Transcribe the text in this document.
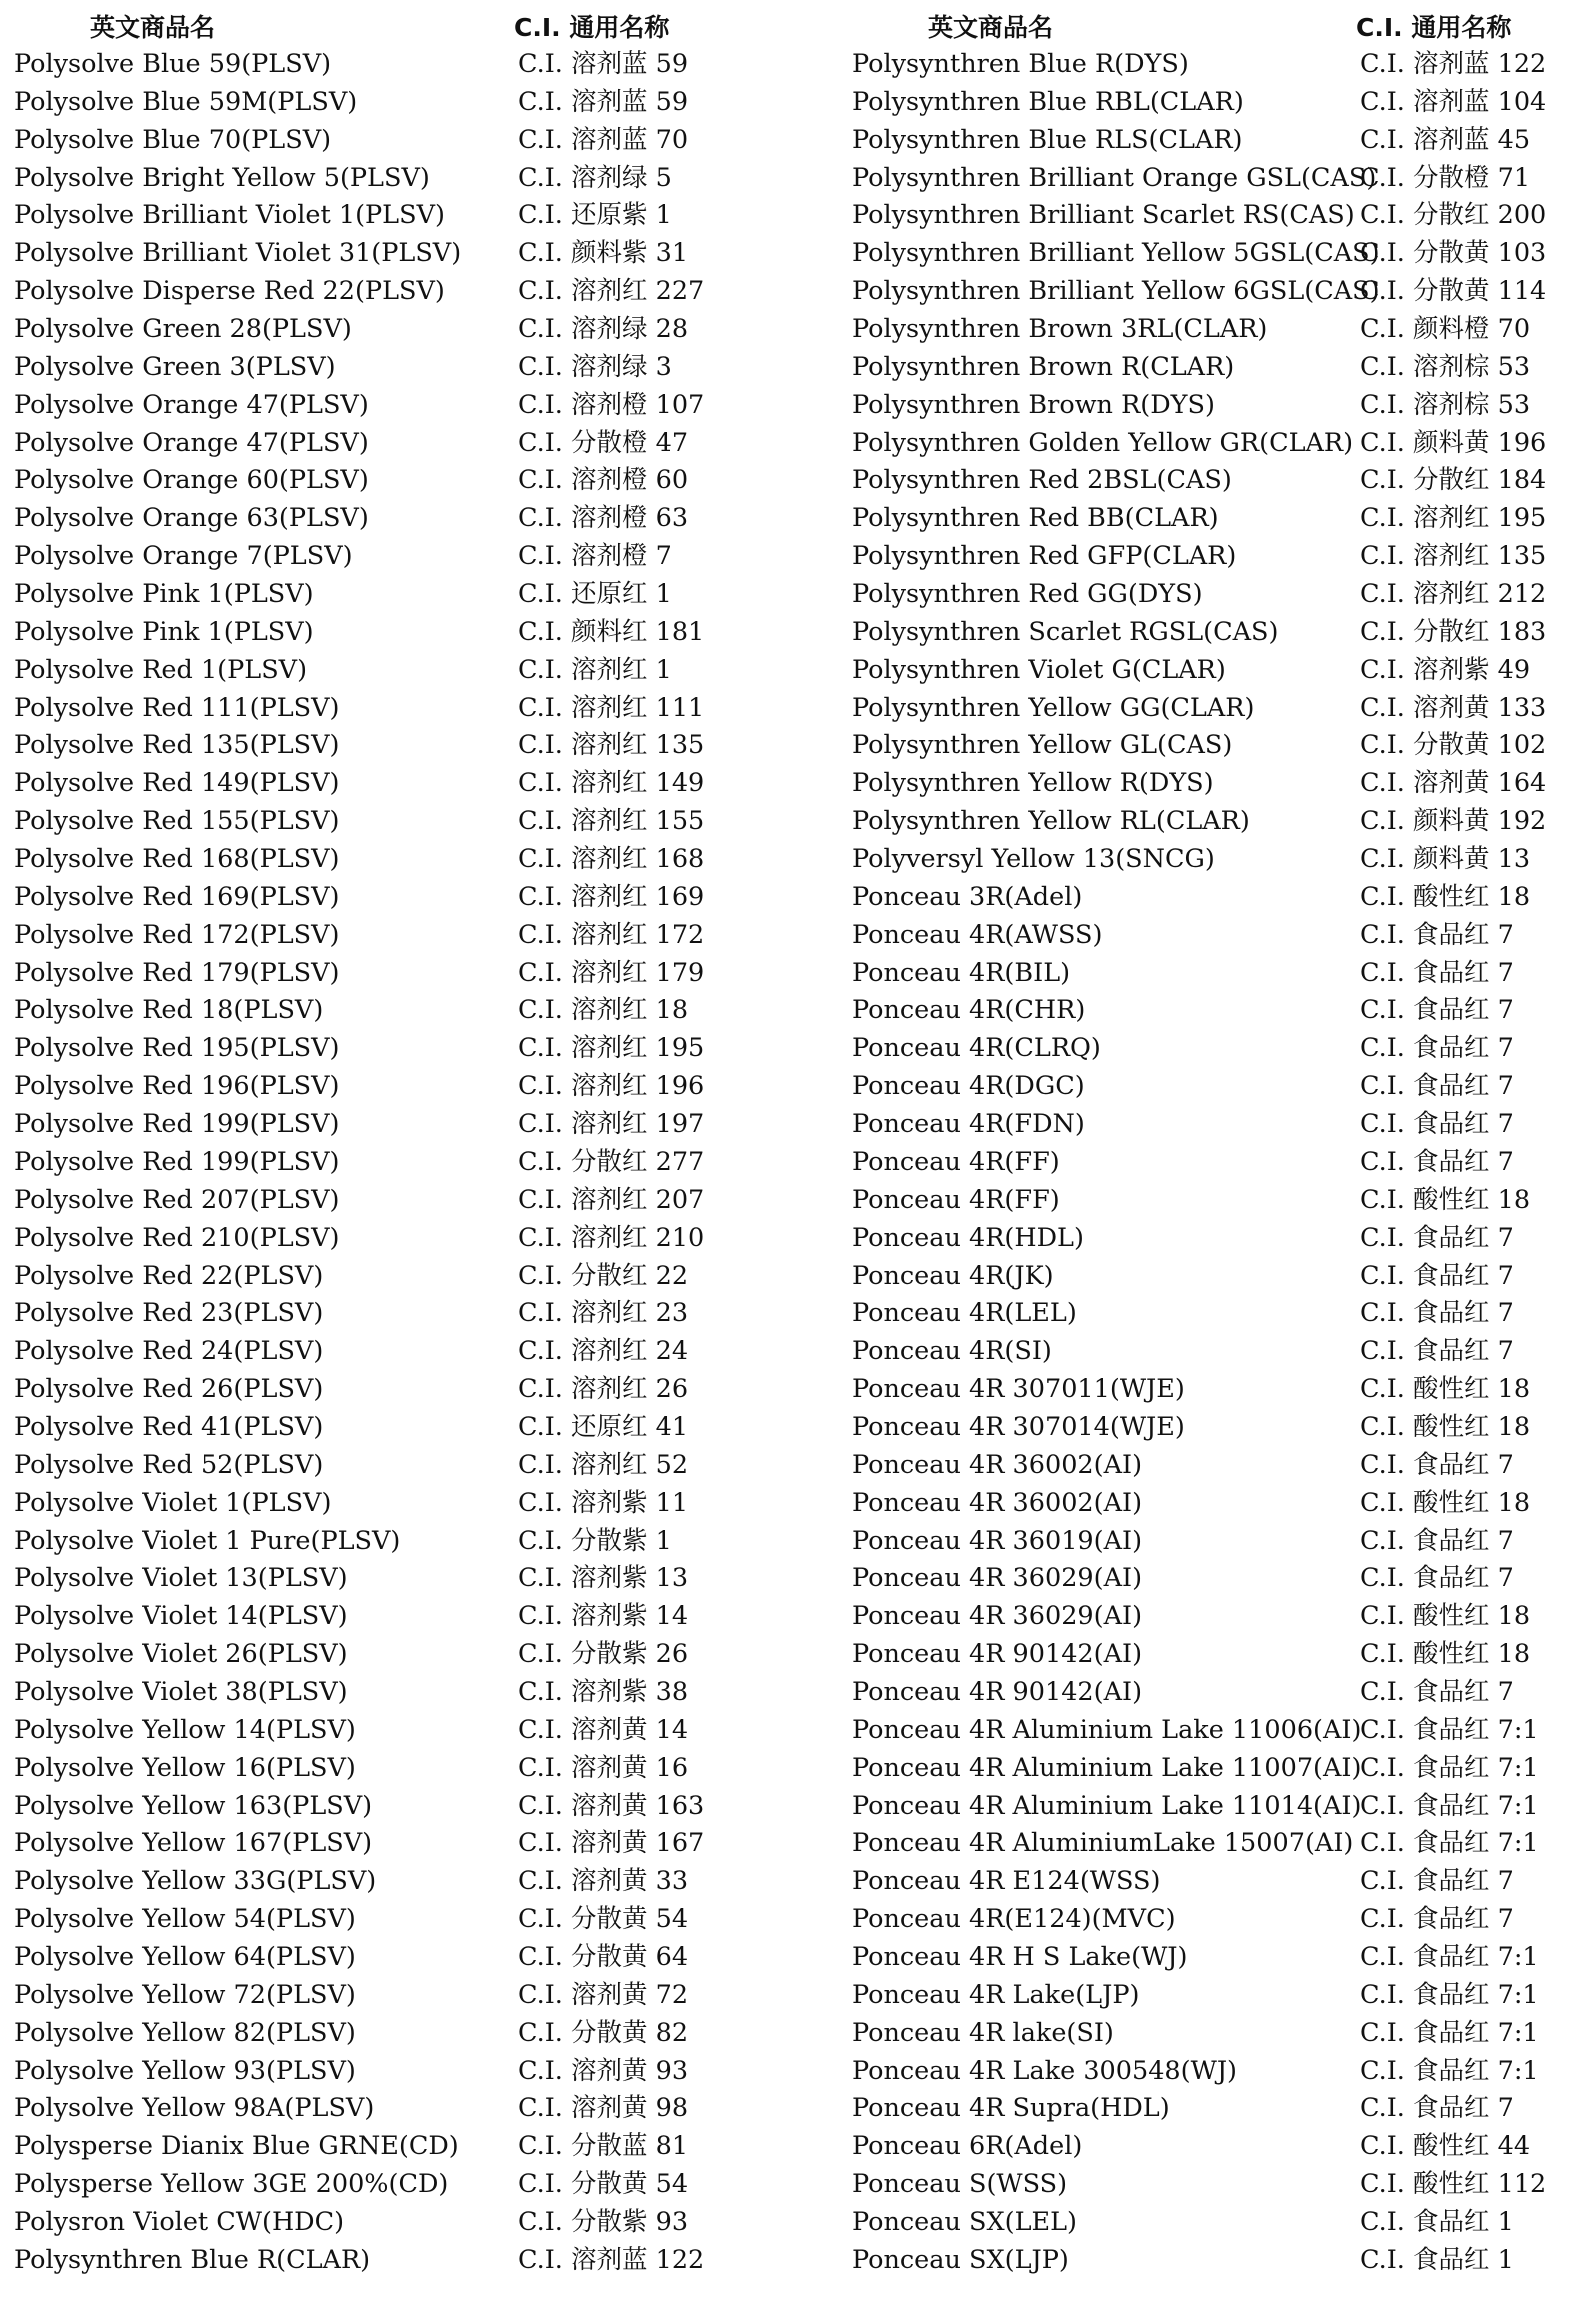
英文商品名	C.I. 通用名称
Polysolve Blue 59(PLSV)	C.I. 溶剂蓝 59
Polysolve Blue 59M(PLSV)	C.I. 溶剂蓝 59
Polysolve Blue 70(PLSV)	C.I. 溶剂蓝 70
Polysolve Bright Yellow 5(PLSV)	C.I. 溶剂绿 5
Polysolve Brilliant Violet 1(PLSV)	C.I. 还原紫 1
Polysolve Brilliant Violet 31(PLSV) C.I. 颜料紫 31
Polysolve Disperse Red 22(PLSV)	C.I. 溶剂红 227
Polysolve Green 28(PLSV)	C.I. 溶剂绿 28
Polysolve Green 3(PLSV)	C.I. 溶剂绿 3
Polysolve Orange 47(PLSV)	C.I. 溶剂橙 107
Polysolve Orange 47(PLSV)	C.I. 分散橙 47
Polysolve Orange 60(PLSV)	C.I. 溶剂橙 60
Polysolve Orange 63(PLSV)	C.I. 溶剂橙 63
Polysolve Orange 7(PLSV)	C.I. 溶剂橙 7
Polysolve Pink 1(PLSV)	C.I. 还原红 1
Polysolve Pink 1(PLSV)	C.I. 颜料红 181
Polysolve Red 1(PLSV)	C.I. 溶剂红 1
Polysolve Red 111(PLSV)	C.I. 溶剂红 111
Polysolve Red 135(PLSV)	C.I. 溶剂红 135
Polysolve Red 149(PLSV)	C.I. 溶剂红 149
Polysolve Red 155(PLSV)	C.I. 溶剂红 155
Polysolve Red 168(PLSV)	C.I. 溶剂红 168
Polysolve Red 169(PLSV)	C.I. 溶剂红 169
Polysolve Red 172(PLSV)	C.I. 溶剂红 172
Polysolve Red 179(PLSV)	C.I. 溶剂红 179
Polysolve Red 18(PLSV)	C.I. 溶剂红 18
Polysolve Red 195(PLSV)	C.I. 溶剂红 195
Polysolve Red 196(PLSV)	C.I. 溶剂红 196
Polysolve Red 199(PLSV)	C.I. 溶剂红 197
Polysolve Red 199(PLSV)	C.I. 分散红 277
Polysolve Red 207(PLSV)	C.I. 溶剂红 207
Polysolve Red 210(PLSV)	C.I. 溶剂红 210
Polysolve Red 22(PLSV)	C.I. 分散红 22
Polysolve Red 23(PLSV)	C.I. 溶剂红 23
Polysolve Red 24(PLSV)	C.I. 溶剂红 24
Polysolve Red 26(PLSV)	C.I. 溶剂红 26
Polysolve Red 41(PLSV)	C.I. 还原红 41
Polysolve Red 52(PLSV)	C.I. 溶剂红 52
Polysolve Violet 1(PLSV)	C.I. 溶剂紫 11
Polysolve Violet 1 Pure(PLSV)	C.I. 分散紫 1
Polysolve Violet 13(PLSV)	C.I. 溶剂紫 13
Polysolve Violet 14(PLSV)	C.I. 溶剂紫 14
Polysolve Violet 26(PLSV)	C.I. 分散紫 26
Polysolve Violet 38(PLSV)	C.I. 溶剂紫 38
Polysolve Yellow 14(PLSV)	C.I. 溶剂黄 14
Polysolve Yellow 16(PLSV)	C.I. 溶剂黄 16
Polysolve Yellow 163(PLSV)	C.I. 溶剂黄 163
Polysolve Yellow 167(PLSV)	C.I. 溶剂黄 167
Polysolve Yellow 33G(PLSV)	C.I. 溶剂黄 33
Polysolve Yellow 54(PLSV)	C.I. 分散黄 54
Polysolve Yellow 64(PLSV)	C.I. 分散黄 64
Polysolve Yellow 72(PLSV)	C.I. 溶剂黄 72
Polysolve Yellow 82(PLSV)	C.I. 分散黄 82
Polysolve Yellow 93(PLSV)	C.I. 溶剂黄 93
Polysolve Yellow 98A(PLSV)	C.I. 溶剂黄 98
Polysperse Dianix Blue GRNE(CD) C.I. 分散蓝 81
Polysperse Yellow 3GE 200%(CD)	C.I. 分散黄 54
Polysron Violet CW(HDC)	C.I. 分散紫 93
Polysynthren Blue R(CLAR)	C.I. 溶剂蓝 122
英文商品名	C.I. 通用名称
Polysynthren Blue R(DYS)	C.I. 溶剂蓝 122
Polysynthren Blue RBL(CLAR)	C.I. 溶剂蓝 104
Polysynthren Blue RLS(CLAR)	C.I. 溶剂蓝 45
Polysynthren Brilliant Orange GSL(CAS)
C.I. 分散橙 71
Polysynthren Brilliant Scarlet RS(CAS) C.I. 分散红 200
Polysynthren Brilliant Yellow 5GSL(CAS)
C.I. 分散黄 103
Polysynthren Brilliant Yellow 6GSL(CAS)
C.I. 分散黄 114
Polysynthren Brown 3RL(CLAR)	C.I. 颜料橙 70
Polysynthren Brown R(CLAR)	C.I. 溶剂棕 53
Polysynthren Brown R(DYS)	C.I. 溶剂棕 53
Polysynthren Golden Yellow GR(CLAR) C.I. 颜料黄 196
Polysynthren Red 2BSL(CAS)	C.I. 分散红 184
Polysynthren Red BB(CLAR)	C.I. 溶剂红 195
Polysynthren Red GFP(CLAR)	C.I. 溶剂红 135
Polysynthren Red GG(DYS)	C.I. 溶剂红 212
Polysynthren Scarlet RGSL(CAS)	C.I. 分散红 183
Polysynthren Violet G(CLAR)	C.I. 溶剂紫 49
Polysynthren Yellow GG(CLAR)	C.I. 溶剂黄 133
Polysynthren Yellow GL(CAS)	C.I. 分散黄 102
Polysynthren Yellow R(DYS)	C.I. 溶剂黄 164
Polysynthren Yellow RL(CLAR)	C.I. 颜料黄 192
Polyversyl Yellow 13(SNCG)	C.I. 颜料黄 13
Ponceau 3R(Adel)	C.I. 酸性红 18
Ponceau 4R(AWSS)	C.I. 食品红 7
Ponceau 4R(BIL)	C.I. 食品红 7
Ponceau 4R(CHR)	C.I. 食品红 7
Ponceau 4R(CLRQ)	C.I. 食品红 7
Ponceau 4R(DGC)	C.I. 食品红 7
Ponceau 4R(FDN)	C.I. 食品红 7
Ponceau 4R(FF)	C.I. 食品红 7
Ponceau 4R(FF)	C.I. 酸性红 18
Ponceau 4R(HDL)	C.I. 食品红 7
Ponceau 4R(JK)	C.I. 食品红 7
Ponceau 4R(LEL)	C.I. 食品红 7
Ponceau 4R(SI)	C.I. 食品红 7
Ponceau 4R 307011(WJE)	C.I. 酸性红 18
Ponceau 4R 307014(WJE)	C.I. 酸性红 18
Ponceau 4R 36002(AI)	C.I. 食品红 7
Ponceau 4R 36002(AI)	C.I. 酸性红 18
Ponceau 4R 36019(AI)	C.I. 食品红 7
Ponceau 4R 36029(AI)	C.I. 食品红 7
Ponceau 4R 36029(AI)	C.I. 酸性红 18
Ponceau 4R 90142(AI)	C.I. 酸性红 18
Ponceau 4R 90142(AI)	C.I. 食品红 7
Ponceau 4R Aluminium Lake 11006(AI)
C.I. 食品红 7:1
Ponceau 4R Aluminium Lake 11007(AI)
C.I. 食品红 7:1
Ponceau 4R Aluminium Lake 11014(AI)
C.I. 食品红 7:1
Ponceau 4R AluminiumLake 15007(AI) C.I. 食品红 7:1
Ponceau 4R E124(WSS)	C.I. 食品红 7
Ponceau 4R(E124)(MVC)	C.I. 食品红 7
Ponceau 4R H S Lake(WJ)	C.I. 食品红 7:1
Ponceau 4R Lake(LJP)	C.I. 食品红 7:1
Ponceau 4R lake(SI)	C.I. 食品红 7:1
Ponceau 4R Lake 300548(WJ)	C.I. 食品红 7:1
Ponceau 4R Supra(HDL)	C.I. 食品红 7
Ponceau 6R(Adel)	C.I. 酸性红 44
Ponceau S(WSS)	C.I. 酸性红 112
Ponceau SX(LEL)	C.I. 食品红 1
Ponceau SX(LJP)	C.I. 食品红 1
